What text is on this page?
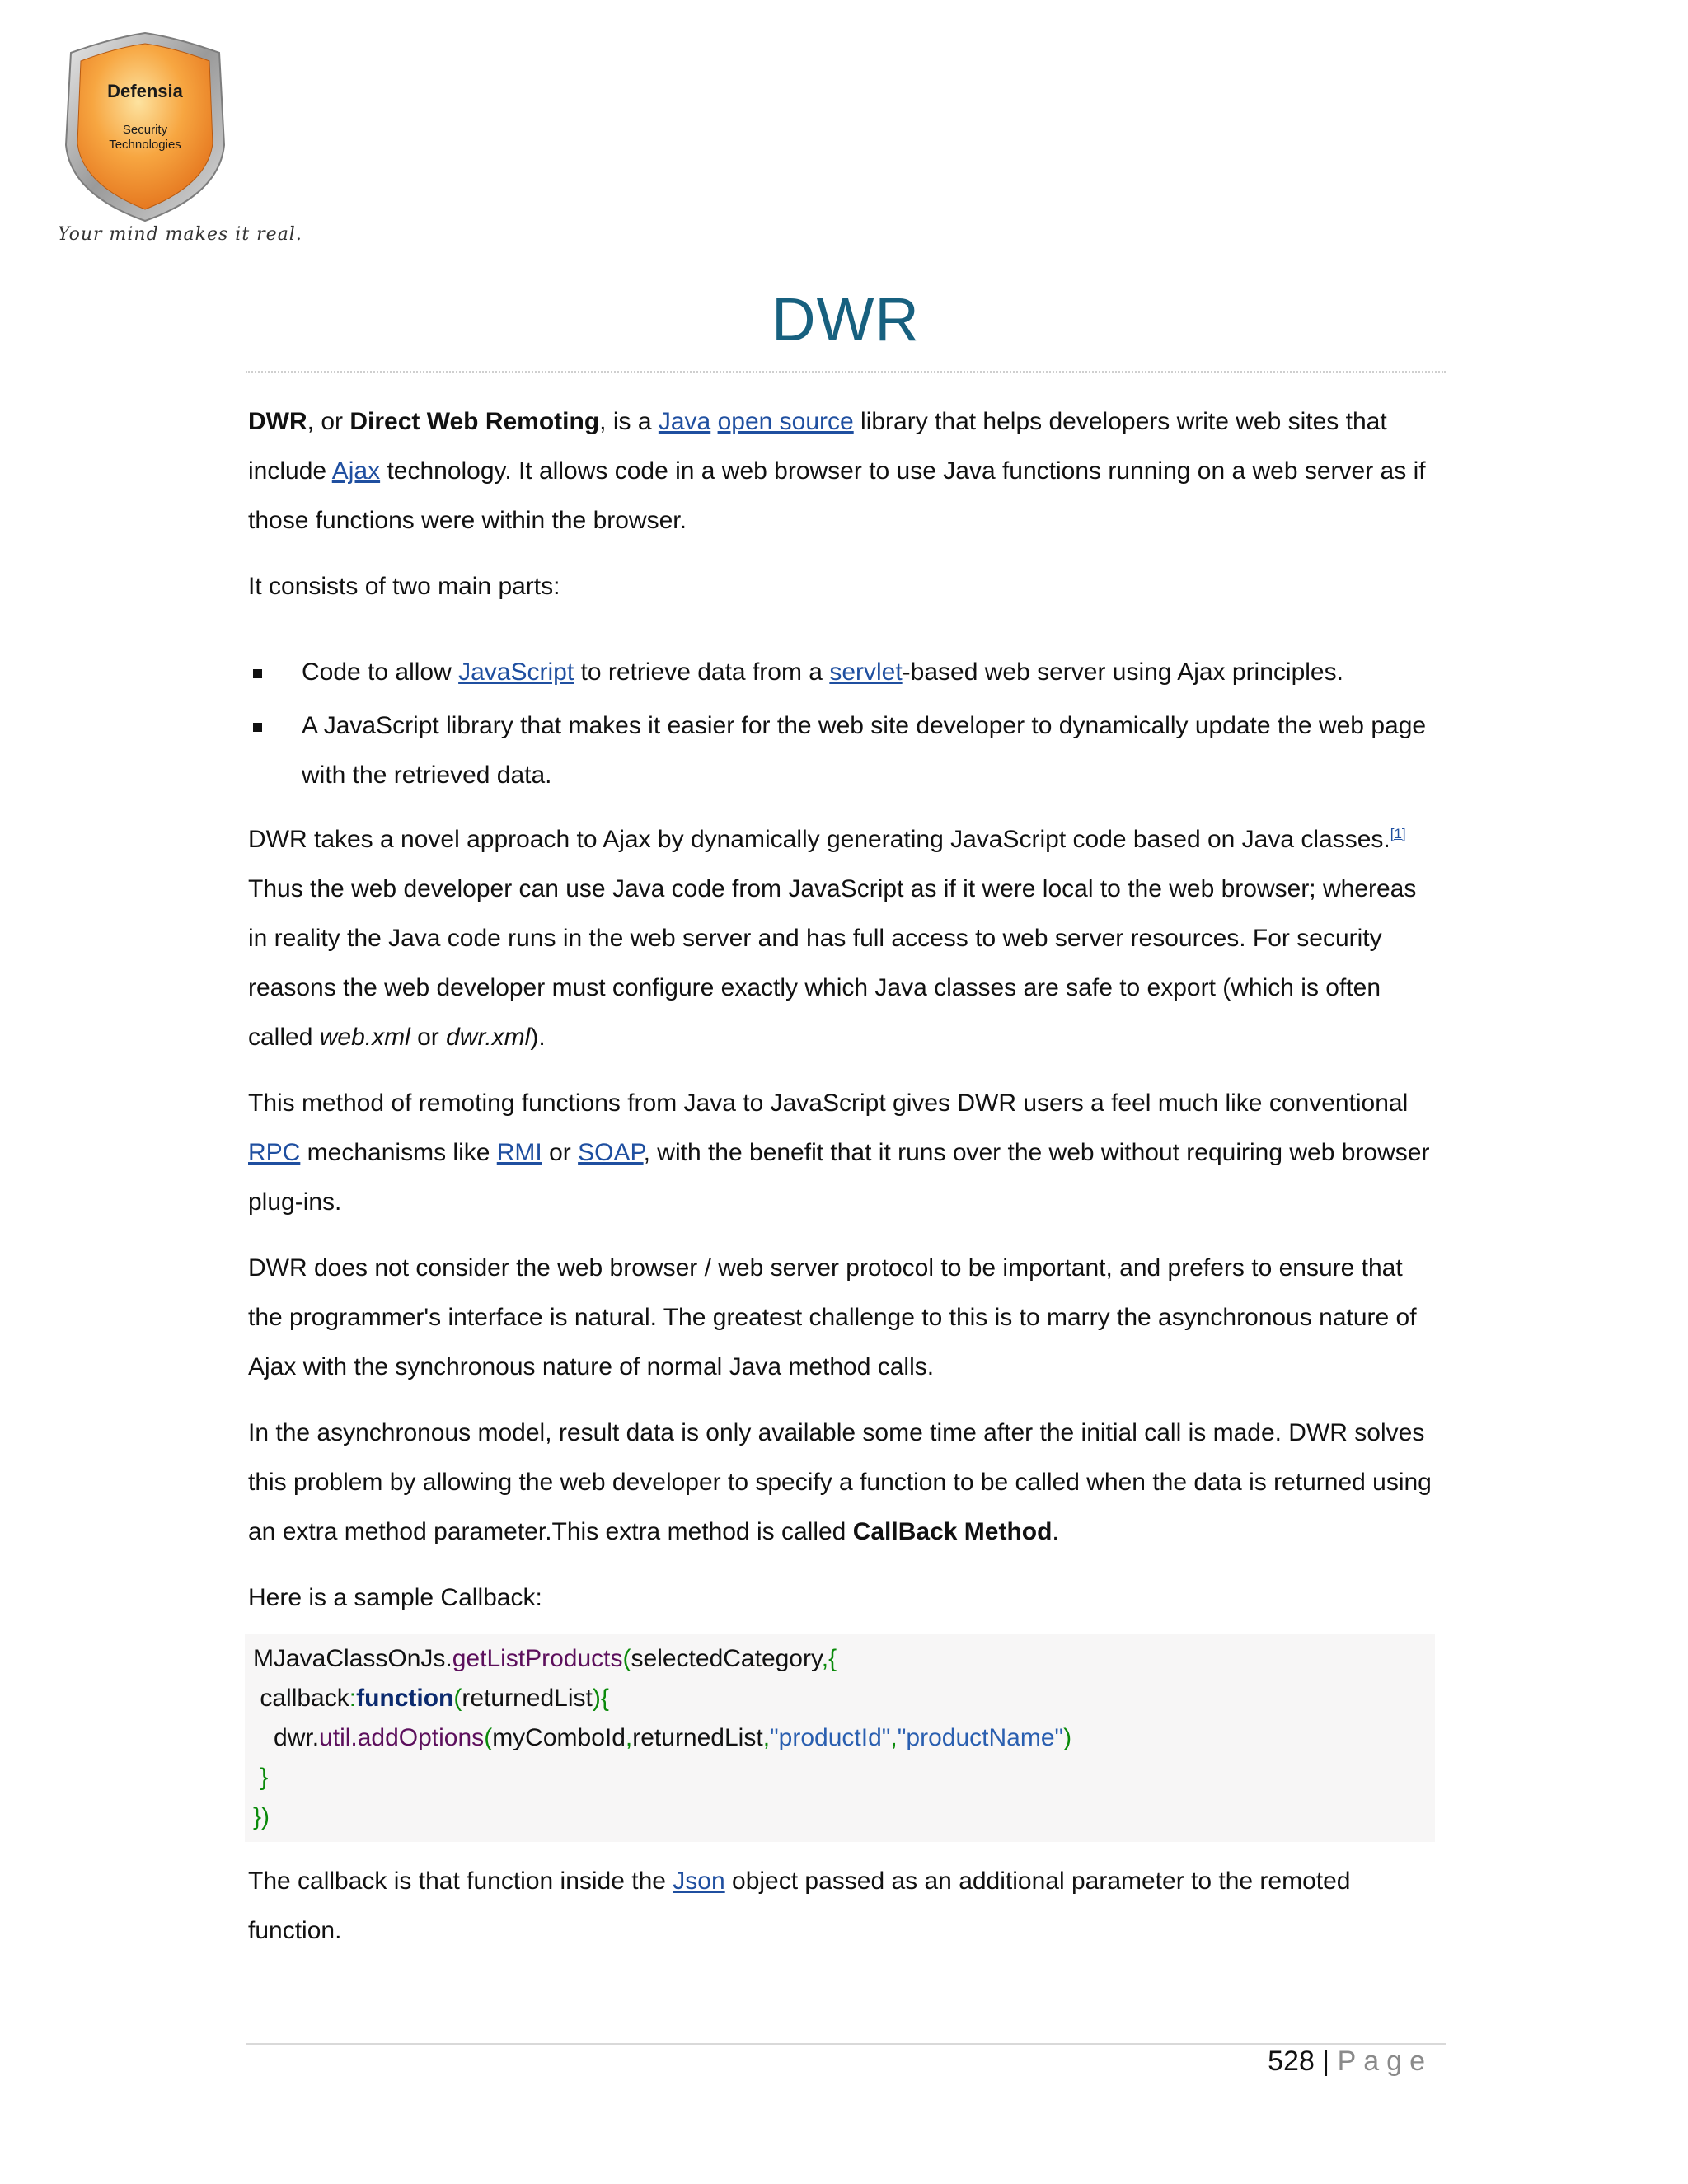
Defensia
Security
Technologies
Your mind makes it real.
DWR

DWR, or Direct Web Remoting, is a Java open source library that helps developers write web sites that include Ajax technology. It allows code in a web browser to use Java functions running on a web server as if those functions were within the browser.

It consists of two main parts:

Code to allow JavaScript to retrieve data from a servlet-based web server using Ajax principles.
A JavaScript library that makes it easier for the web site developer to dynamically update the web page with the retrieved data.

DWR takes a novel approach to Ajax by dynamically generating JavaScript code based on Java classes.[1] Thus the web developer can use Java code from JavaScript as if it were local to the web browser; whereas in reality the Java code runs in the web server and has full access to web server resources. For security reasons the web developer must configure exactly which Java classes are safe to export (which is often called web.xml or dwr.xml).

This method of remoting functions from Java to JavaScript gives DWR users a feel much like conventional RPC mechanisms like RMI or SOAP, with the benefit that it runs over the web without requiring web browser plug-ins.

DWR does not consider the web browser / web server protocol to be important, and prefers to ensure that the programmer's interface is natural. The greatest challenge to this is to marry the asynchronous nature of Ajax with the synchronous nature of normal Java method calls.

In the asynchronous model, result data is only available some time after the initial call is made. DWR solves this problem by allowing the web developer to specify a function to be called when the data is returned using an extra method parameter.This extra method is called CallBack Method.

Here is a sample Callback:

MJavaClassOnJs.getListProducts(selectedCategory,{
callback:function(returnedList){
dwr.util.addOptions(myComboId,returnedList,"productId","productName")
}
})

The callback is that function inside the Json object passed as an additional parameter to the remoted function.

528 | Page
